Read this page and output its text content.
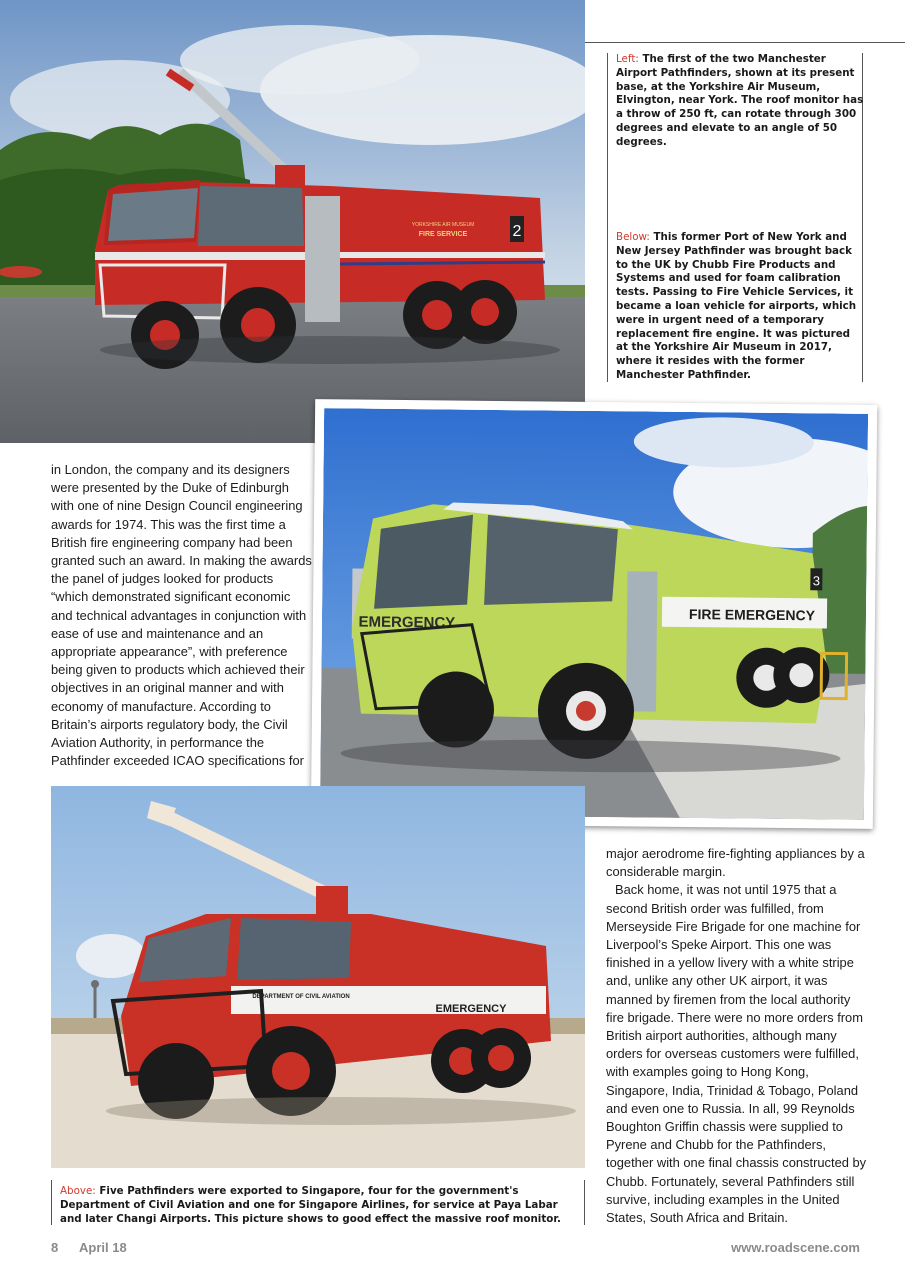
2
YORKSHIRE AIR MUSEUM
FIRE SERVICE
Left: The first of the two Manchester Airport Pathfinders, shown at its present base, at the Yorkshire Air Museum, Elvington, near York. The roof monitor has a throw of 250 ft, can rotate through 300 degrees and elevate to an angle of 50 degrees.
Below: This former Port of New York and New Jersey Pathfinder was brought back to the UK by Chubb Fire Products and Systems and used for foam calibration tests. Passing to Fire Vehicle Services, it became a loan vehicle for airports, which were in urgent need of a temporary replacement fire engine. It was pictured at the Yorkshire Air Museum in 2017, where it resides with the former Manchester Pathfinder.
FIRE EMERGENCY
EMERGENCY
3
in London, the company and its designers were presented by the Duke of Edinburgh with one of nine Design Council engineering awards for 1974. This was the first time a British fire engineering company had been granted such an award. In making the awards the panel of judges looked for products “which demonstrated significant economic and technical advantages in conjunction with ease of use and maintenance and an appropriate appearance”, with preference being given to products which achieved their objectives in an original manner and with economy of manufacture. According to Britain’s airports regulatory body, the Civil Aviation Authority, in performance the Pathfinder exceeded ICAO specifications for
DEPARTMENT OF CIVIL AVIATION
EMERGENCY
Above: Five Pathfinders were exported to Singapore, four for the government's Department of Civil Aviation and one for Singapore Airlines, for service at Paya Labar and later Changi Airports. This picture shows to good effect the massive roof monitor.

major aerodrome fire-fighting appliances by a considerable margin.

Back home, it was not until 1975 that a second British order was fulfilled, from Merseyside Fire Brigade for one machine for Liverpool’s Speke Airport. This one was finished in a yellow livery with a white stripe and, unlike any other UK airport, it was manned by firemen from the local authority fire brigade. There were no more orders from British airport authorities, although many orders for overseas customers were fulfilled, with examples going to Hong Kong, Singapore, India, Trinidad & Tobago, Poland and even one to Russia. In all, 99 Reynolds Boughton Griffin chassis were supplied to Pyrene and Chubb for the Pathfinders, together with one final chassis constructed by Chubb. Fortunately, several Pathfinders still survive, including examples in the United States, South Africa and Britain.

8 April 18	www.roadscene.com
